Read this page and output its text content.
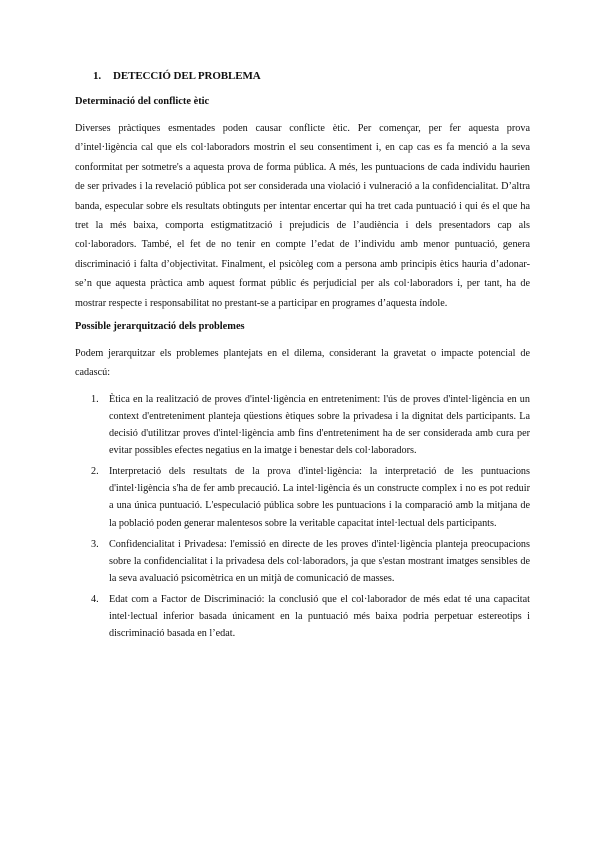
1. DETECCIÓ DEL PROBLEMA
Determinació del conflicte ètic

Diverses pràctiques esmentades poden causar conflicte ètic. Per començar, per fer aquesta prova d’intel·ligència cal que els col·laboradors mostrin el seu consentiment i, en cap cas es fa menció a la seva conformitat per sotmetre's a aquesta prova de forma pública. A més, les puntuacions de cada individu haurien de ser privades i la revelació pública pot ser considerada una violació i vulneració a la confidencialitat. D’altra banda, especular sobre els resultats obtinguts per intentar encertar qui ha tret cada puntuació i qui és el que ha tret la més baixa, comporta estigmatització i prejudicis de l’audiència i dels presentadors cap als col·laboradors. També, el fet de no tenir en compte l’edat de l’individu amb menor puntuació, genera discriminació i falta d’objectivitat. Finalment, el psicòleg com a persona amb principis ètics hauria d’adonar-se’n que aquesta pràctica amb aquest format públic és perjudicial per als col·laboradors i, per tant, ha de mostrar respecte i responsabilitat no prestant-se a participar en programes d’aquesta índole.

Possible jerarquització dels problemes

Podem jerarquitzar els problemes plantejats en el dilema, considerant la gravetat o impacte potencial de cadascú:

1. Ètica en la realització de proves d'intel·ligència en entreteniment: l'ús de proves d'intel·ligència en un context d'entreteniment planteja qüestions ètiques sobre la privadesa i la dignitat dels participants. La decisió d'utilitzar proves d'intel·ligència amb fins d'entreteniment ha de ser considerada amb cura per evitar possibles efectes negatius en la imatge i benestar dels col·laboradors.
2. Interpretació dels resultats de la prova d'intel·ligència: la interpretació de les puntuacions d'intel·ligència s'ha de fer amb precaució. La intel·ligència és un constructe complex i no es pot reduir a una única puntuació. L'especulació pública sobre les puntuacions i la comparació amb la mitjana de la població poden generar malentesos sobre la veritable capacitat intel·lectual dels participants.
3. Confidencialitat i Privadesa: l'emissió en directe de les proves d'intel·ligència planteja preocupacions sobre la confidencialitat i la privadesa dels col·laboradors, ja que s'estan mostrant imatges sensibles de la seva avaluació psicomètrica en un mitjà de comunicació de masses.
4. Edat com a Factor de Discriminació: la conclusió que el col·laborador de més edat té una capacitat intel·lectual inferior basada únicament en la puntuació més baixa podria perpetuar estereotips i discriminació basada en l’edat.
